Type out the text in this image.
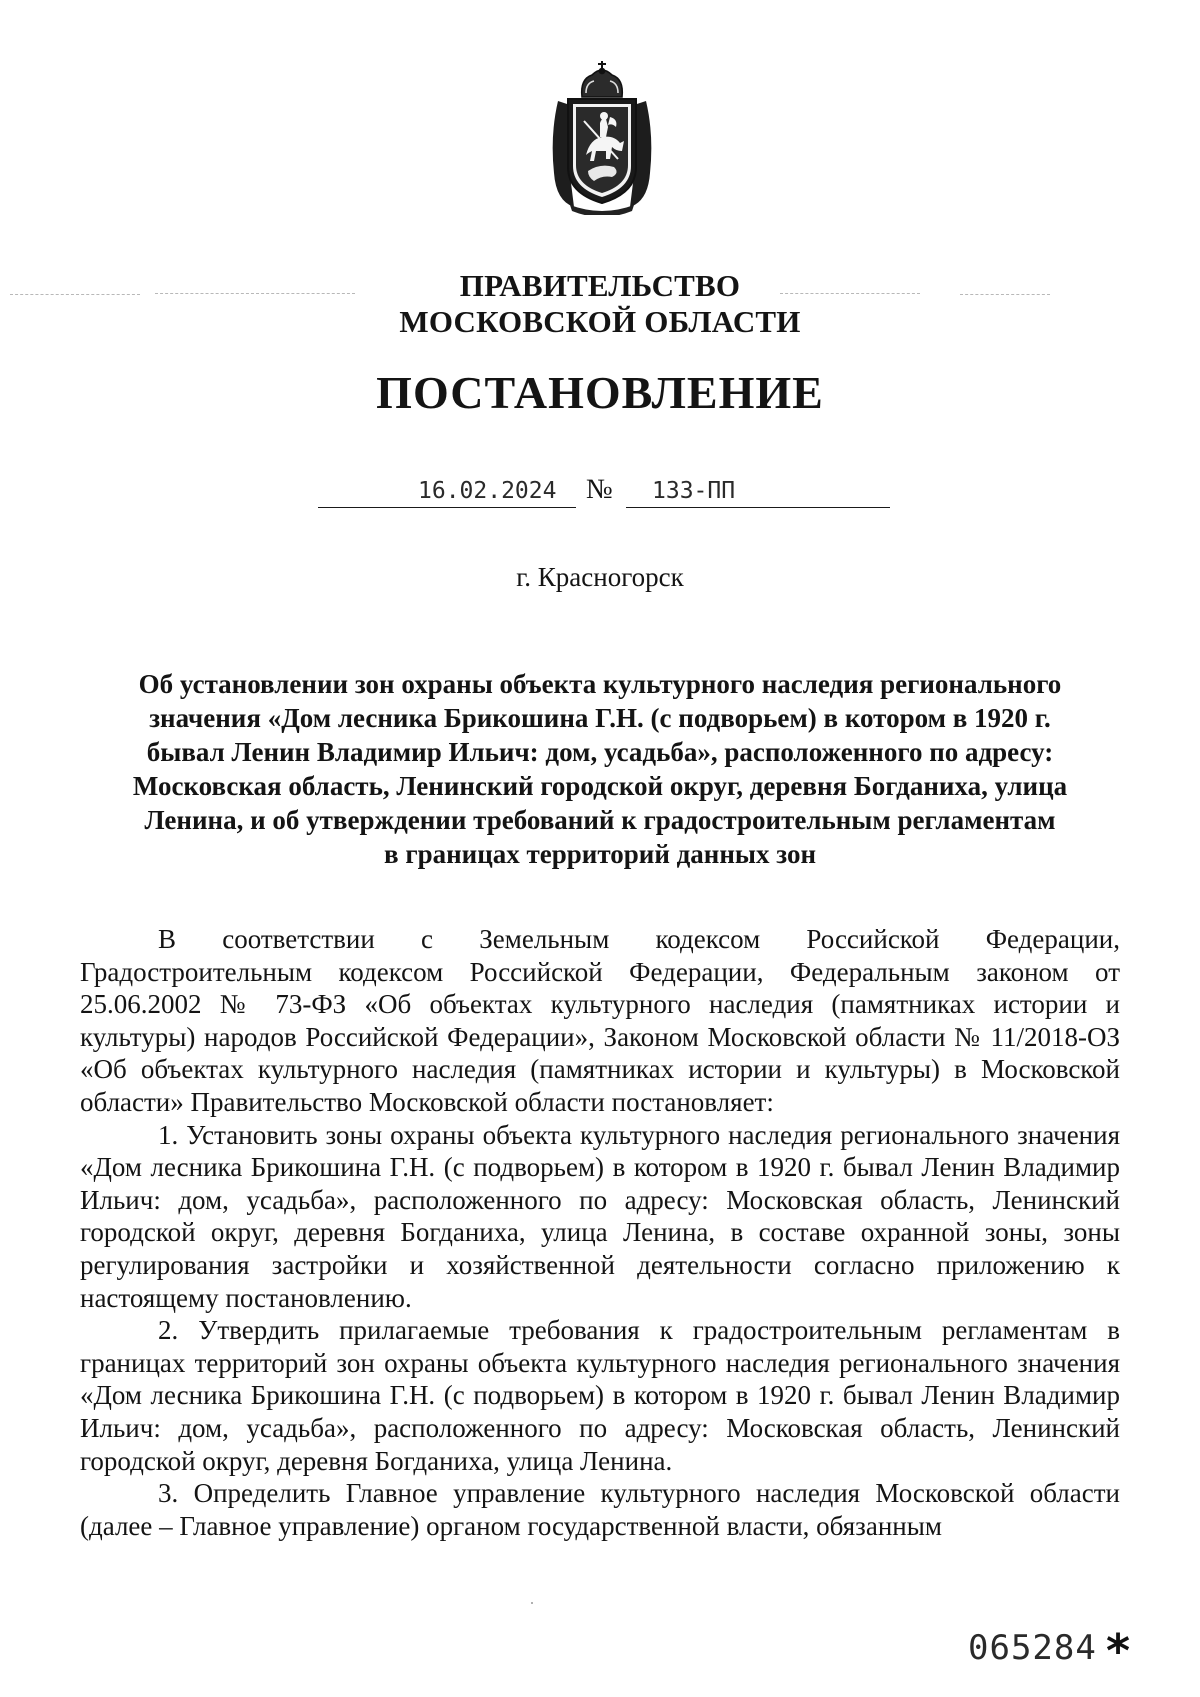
ПРАВИТЕЛЬСТВО
МОСКОВСКОЙ ОБЛАСТИ
ПОСТАНОВЛЕНИЕ
16.02.2024 № 133-ПП
г. Красногорск
Об установлении зон охраны объекта культурного наследия регионального
значения «Дом лесника Брикошина Г.Н. (с подворьем) в котором в 1920 г.
бывал Ленин Владимир Ильич: дом, усадьба», расположенного по адресу:
Московская область, Ленинский городской округ, деревня Богданиха, улица
Ленина, и об утверждении требований к градостроительным регламентам
в границах территорий данных зон

В соответствии с Земельным кодексом Российской Федерации, Градостроительным кодексом Российской Федерации, Федеральным законом от 25.06.2002 № 73-ФЗ «Об объектах культурного наследия (памятниках истории и культуры) народов Российской Федерации», Законом Московской области № 11/2018-ОЗ «Об объектах культурного наследия (памятниках истории и культуры) в Московской области» Правительство Московской области постановляет:

1. Установить зоны охраны объекта культурного наследия регионального значения «Дом лесника Брикошина Г.Н. (с подворьем) в котором в 1920 г. бывал Ленин Владимир Ильич: дом, усадьба», расположенного по адресу: Московская область, Ленинский городской округ, деревня Богданиха, улица Ленина, в составе охранной зоны, зоны регулирования застройки и хозяйственной деятельности согласно приложению к настоящему постановлению.

2. Утвердить прилагаемые требования к градостроительным регламентам в границах территорий зон охраны объекта культурного наследия регионального значения «Дом лесника Брикошина Г.Н. (с подворьем) в котором в 1920 г. бывал Ленин Владимир Ильич: дом, усадьба», расположенного по адресу: Московская область, Ленинский городской округ, деревня Богданиха, улица Ленина.

3. Определить Главное управление культурного наследия Московской области (далее – Главное управление) органом государственной власти, обязанным

065284 *
